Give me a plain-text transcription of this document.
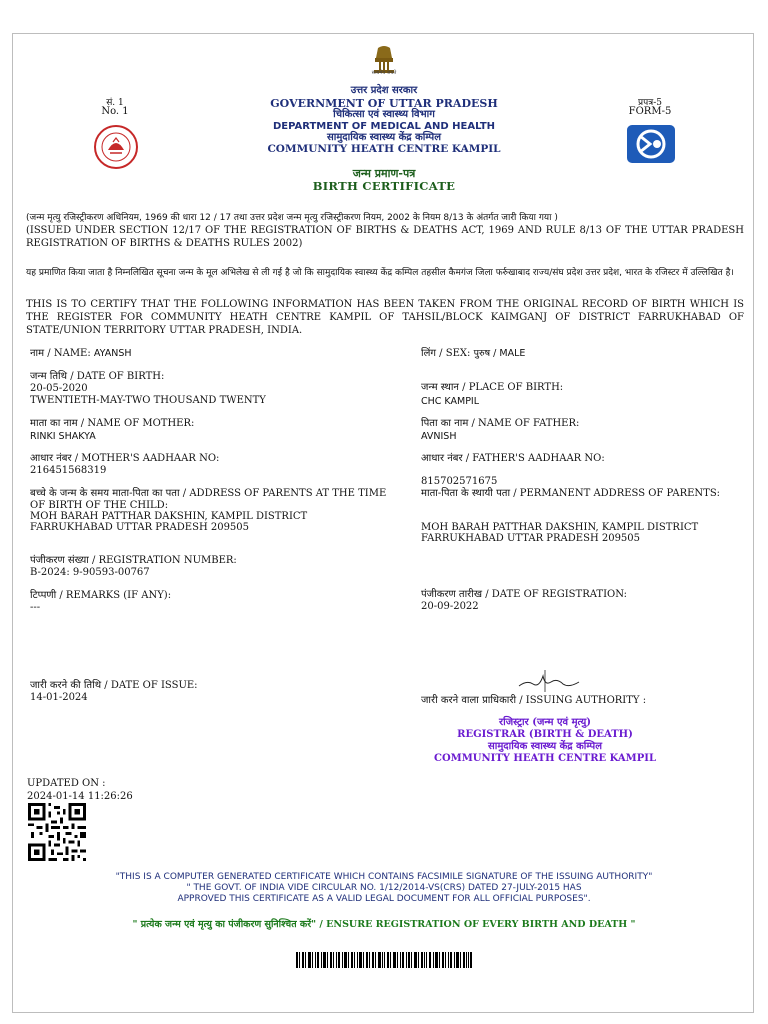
सत्यमेव जयते
उत्तर प्रदेश सरकार
GOVERNMENT OF UTTAR PRADESH
चिकित्सा एवं स्वास्थ्य विभाग
DEPARTMENT OF MEDICAL AND HEALTH
सामुदायिक स्वास्थ्य केंद्र कम्पिल
COMMUNITY HEATH CENTRE KAMPIL
सं. 1
No. 1
प्रपत्र-5
FORM-5
जन्म प्रमाण-पत्र
BIRTH CERTIFICATE
(जन्म मृत्यु रजिस्ट्रीकरण अधिनियम, 1969 की धारा 12 / 17 तथा उत्तर प्रदेश जन्म मृत्यु रजिस्ट्रीकरण नियम, 2002 के नियम 8/13 के अंतर्गत जारी किया गया )
(ISSUED UNDER SECTION 12/17 OF THE REGISTRATION OF BIRTHS & DEATHS ACT, 1969 AND RULE 8/13 OF THE UTTAR PRADESH REGISTRATION OF BIRTHS & DEATHS RULES 2002)
यह प्रमाणित किया जाता है निम्नलिखित सूचना जन्म के मूल अभिलेख से ली गई है जो कि सामुदायिक स्वास्थ्य केंद्र कम्पिल तहसील कैमगंज जिला फर्रुखाबाद राज्य/संघ प्रदेश उत्तर प्रदेश, भारत के रजिस्टर में उल्लिखित है।
THIS IS TO CERTIFY THAT THE FOLLOWING INFORMATION HAS BEEN TAKEN FROM THE ORIGINAL RECORD OF BIRTH WHICH IS THE REGISTER FOR COMMUNITY HEATH CENTRE KAMPIL OF TAHSIL/BLOCK KAIMGANJ OF DISTRICT FARRUKHABAD OF STATE/UNION TERRITORY UTTAR PRADESH, INDIA.
नाम / NAME: AYANSH
जन्म तिथि / DATE OF BIRTH:
20-05-2020
TWENTIETH-MAY-TWO THOUSAND TWENTY
माता का नाम / NAME OF MOTHER:
RINKI SHAKYA
आधार नंबर / MOTHER'S AADHAAR NO:
216451568319
बच्चे के जन्म के समय माता-पिता का पता / ADDRESS OF PARENTS AT THE TIME OF BIRTH OF THE CHILD:
MOH BARAH PATTHAR DAKSHIN, KAMPIL DISTRICT FARRUKHABAD UTTAR PRADESH 209505
पंजीकरण संख्या / REGISTRATION NUMBER:
B-2024: 9-90593-00767
टिप्पणी / REMARKS (IF ANY):
---
लिंग / SEX: पुरुष / MALE
जन्म स्थान / PLACE OF BIRTH:
CHC KAMPIL
पिता का नाम / NAME OF FATHER:
AVNISH
आधार नंबर / FATHER'S AADHAAR NO:
815702571675
माता-पिता के स्थायी पता / PERMANENT ADDRESS OF PARENTS:
MOH BARAH PATTHAR DAKSHIN, KAMPIL DISTRICT FARRUKHABAD UTTAR PRADESH 209505
पंजीकरण तारीख / DATE OF REGISTRATION:
20-09-2022
जारी करने की तिथि / DATE OF ISSUE:
14-01-2024	जारी करने वाला प्राधिकारी / ISSUING AUTHORITY :
रजिस्ट्रार (जन्म एवं मृत्यु)
REGISTRAR (BIRTH & DEATH)
सामुदायिक स्वास्थ्य केंद्र कम्पिल
COMMUNITY HEATH CENTRE KAMPIL
UPDATED ON :
2024-01-14 11:26:26
"THIS IS A COMPUTER GENERATED CERTIFICATE WHICH CONTAINS FACSIMILE SIGNATURE OF THE ISSUING AUTHORITY"
" THE GOVT. OF INDIA VIDE CIRCULAR NO. 1/12/2014-VS(CRS) DATED 27-JULY-2015 HAS
APPROVED THIS CERTIFICATE AS A VALID LEGAL DOCUMENT FOR ALL OFFICIAL PURPOSES".
" प्रत्येक जन्म एवं मृत्यु का पंजीकरण सुनिश्चित करें" / ENSURE REGISTRATION OF EVERY BIRTH AND DEATH "
